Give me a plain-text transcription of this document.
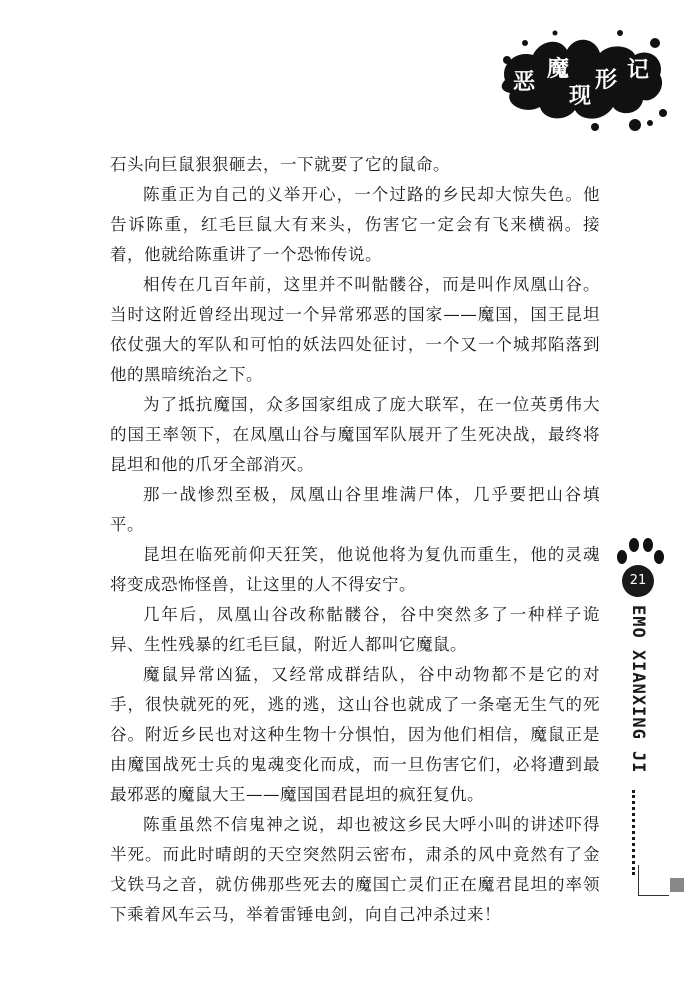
恶
魔
现
形 记

石头向巨鼠狠狠砸去，一下就要了它的鼠命。

陈重正为自己的义举开心，一个过路的乡民却大惊失色。他告诉陈重，红毛巨鼠大有来头，伤害它一定会有飞来横祸。接着，他就给陈重讲了一个恐怖传说。

相传在几百年前，这里并不叫骷髅谷，而是叫作凤凰山谷。当时这附近曾经出现过一个异常邪恶的国家——魔国，国王昆坦依仗强大的军队和可怕的妖法四处征讨，一个又一个城邦陷落到他的黑暗统治之下。

为了抵抗魔国，众多国家组成了庞大联军，在一位英勇伟大的国王率领下，在凤凰山谷与魔国军队展开了生死决战，最终将昆坦和他的爪牙全部消灭。

那一战惨烈至极，凤凰山谷里堆满尸体，几乎要把山谷填平。

昆坦在临死前仰天狂笑，他说他将为复仇而重生，他的灵魂将变成恐怖怪兽，让这里的人不得安宁。

几年后，凤凰山谷改称骷髅谷，谷中突然多了一种样子诡异、生性残暴的红毛巨鼠，附近人都叫它魔鼠。

魔鼠异常凶猛，又经常成群结队，谷中动物都不是它的对手，很快就死的死，逃的逃，这山谷也就成了一条毫无生气的死谷。附近乡民也对这种生物十分惧怕，因为他们相信，魔鼠正是由魔国战死士兵的鬼魂变化而成，而一旦伤害它们，必将遭到最最邪恶的魔鼠大王——魔国国君昆坦的疯狂复仇。

陈重虽然不信鬼神之说，却也被这乡民大呼小叫的讲述吓得半死。而此时晴朗的天空突然阴云密布，肃杀的风中竟然有了金戈铁马之音，就仿佛那些死去的魔国亡灵们正在魔君昆坦的率领下乘着风车云马，举着雷锤电剑，向自己冲杀过来！

21
EMO XIANXING JI
